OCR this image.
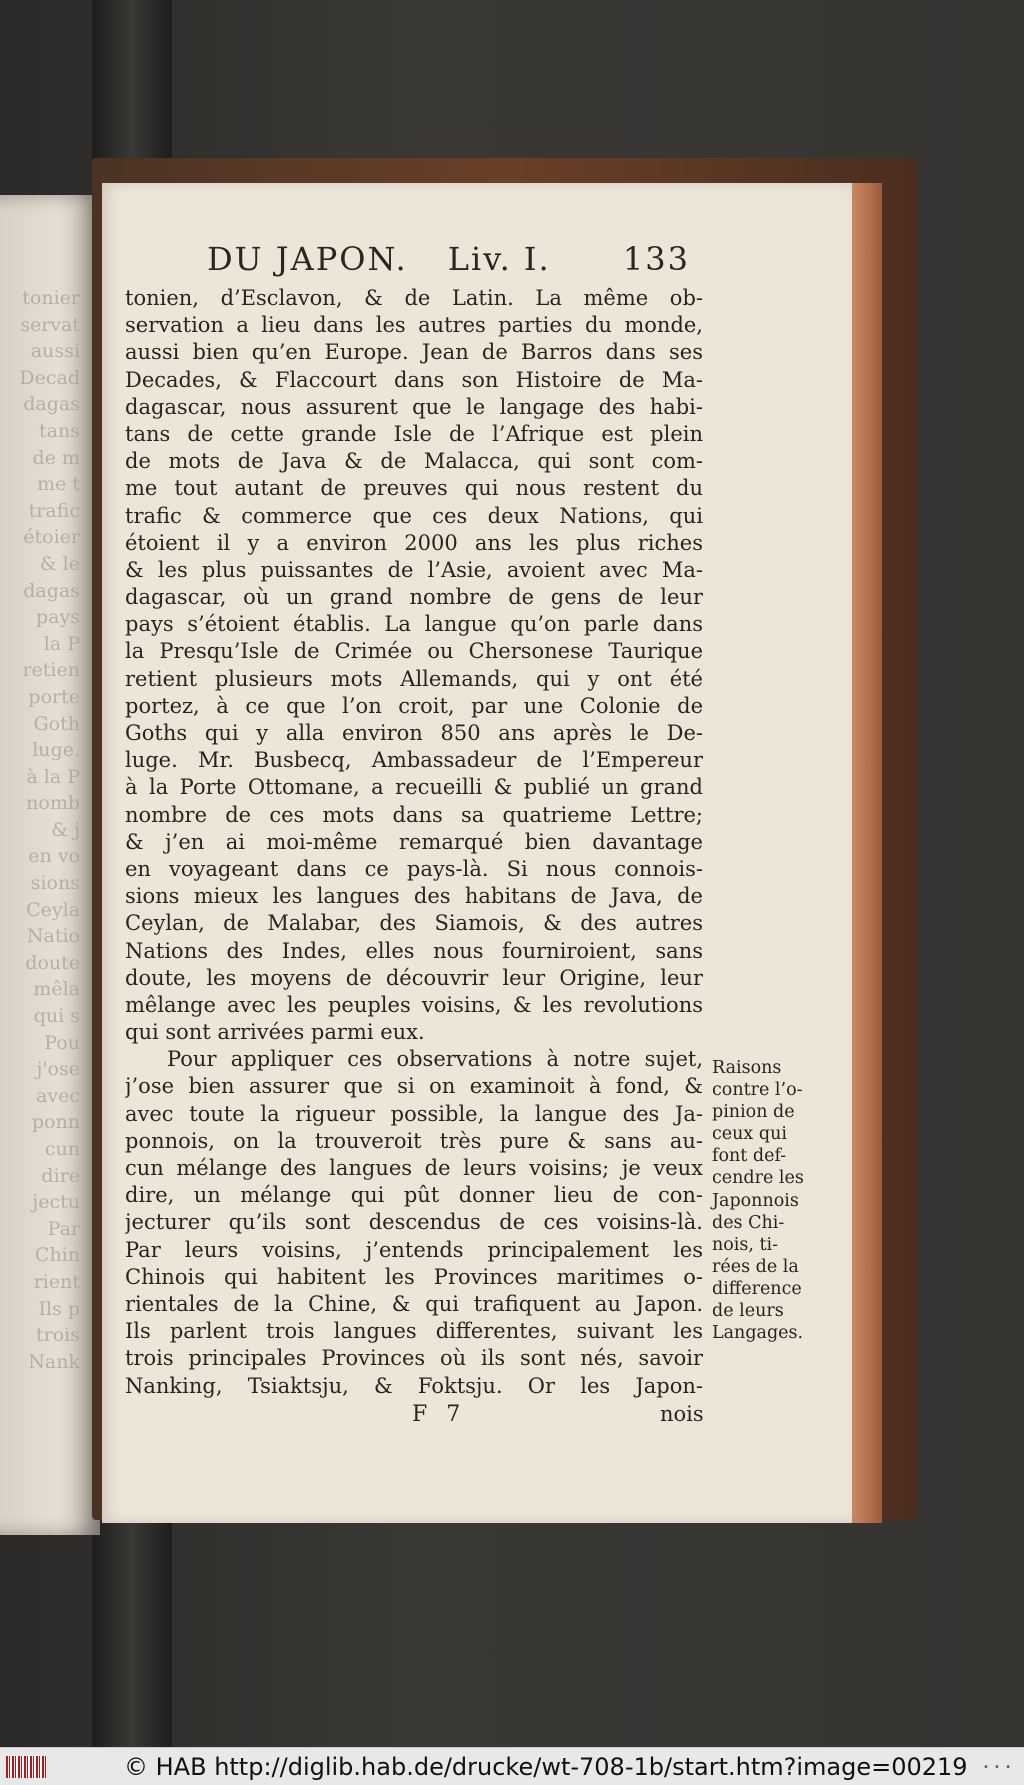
tonier
servat
aussi
Decad
dagas
tans
de m
me t
trafic
étoier
& le
dagas
pays
la P
retien
porte
Goth
luge.
à la P
nomb
& j
en vo
sions
Ceyla
Natio
doute
mêla
qui s
Pou
j'ose
avec
ponn
cun
dire
jectu
Par
Chin
rient
Ils p
trois
Nank
DU JAPON. Liv. I. 133
tonien, d’Esclavon, & de Latin. La même ob-
servation a lieu dans les autres parties du monde,
aussi bien qu’en Europe. Jean de Barros dans ses
Decades, & Flaccourt dans son Histoire de Ma-
dagascar, nous assurent que le langage des habi-
tans de cette grande Isle de l’Afrique est plein
de mots de Java & de Malacca, qui sont com-
me tout autant de preuves qui nous restent du
trafic & commerce que ces deux Nations, qui
étoient il y a environ 2000 ans les plus riches
& les plus puissantes de l’Asie, avoient avec Ma-
dagascar, où un grand nombre de gens de leur
pays s’étoient établis. La langue qu’on parle dans
la Presqu’Isle de Crimée ou Chersonese Taurique
retient plusieurs mots Allemands, qui y ont été
portez, à ce que l’on croit, par une Colonie de
Goths qui y alla environ 850 ans après le De-
luge. Mr. Busbecq, Ambassadeur de l’Empereur
à la Porte Ottomane, a recueilli & publié un grand
nombre de ces mots dans sa quatrieme Lettre;
& j’en ai moi-même remarqué bien davantage
en voyageant dans ce pays-là. Si nous connois-
sions mieux les langues des habitans de Java, de
Ceylan, de Malabar, des Siamois, & des autres
Nations des Indes, elles nous fourniroient, sans
doute, les moyens de découvrir leur Origine, leur
mêlange avec les peuples voisins, & les revolutions
qui sont arrivées parmi eux.
Pour appliquer ces observations à notre sujet,
j’ose bien assurer que si on examinoit à fond, &
avec toute la rigueur possible, la langue des Ja-
ponnois, on la trouveroit très pure & sans au-
cun mélange des langues de leurs voisins; je veux
dire, un mélange qui pût donner lieu de con-
jecturer qu’ils sont descendus de ces voisins-là.
Par leurs voisins, j’entends principalement les
Chinois qui habitent les Provinces maritimes o-
rientales de la Chine, & qui trafiquent au Japon.
Ils parlent trois langues differentes, suivant les
trois principales Provinces où ils sont nés, savoir
Nanking, Tsiaktsju, & Foktsju. Or les Japon-
Raisons
contre l’o-
pinion de
ceux qui
font def-
cendre les
Japonnois
des Chi-
nois, ti-
rées de la
difference
de leurs
Langages.
F 7	nois
© HAB http://diglib.hab.de/drucke/wt-708-1b/start.htm?image=00219 • • •
